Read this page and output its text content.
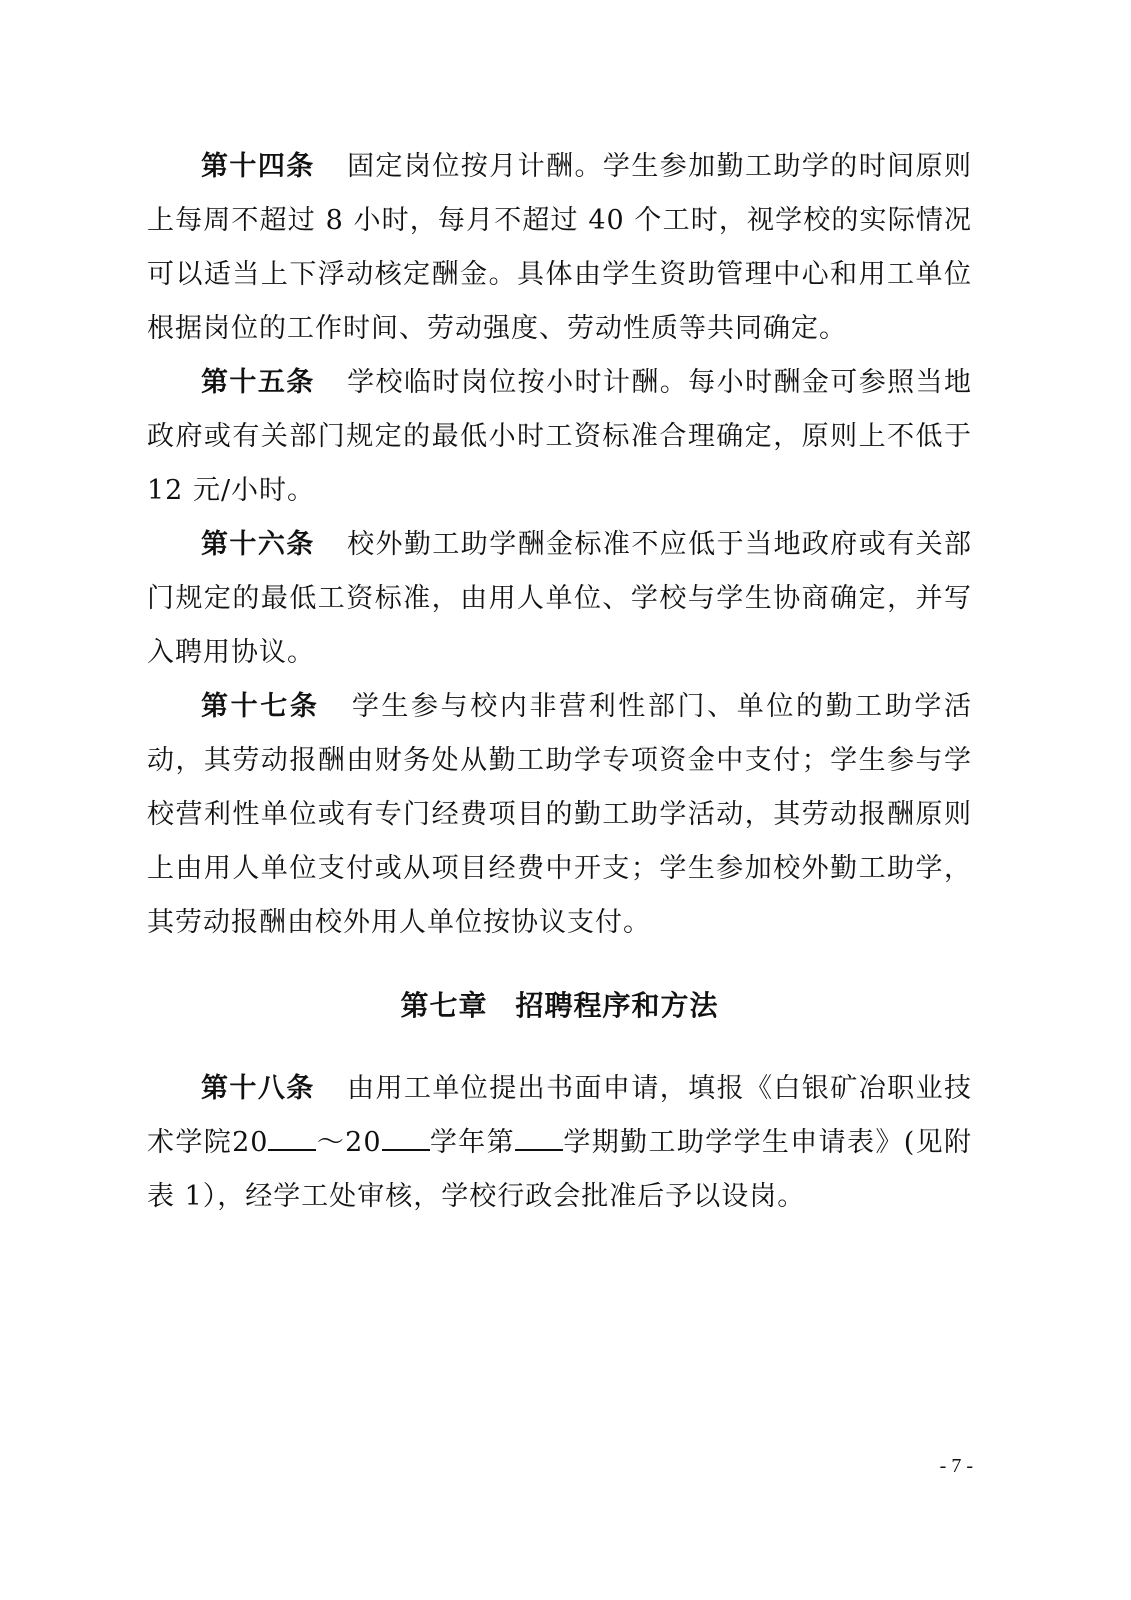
第十四条 固定岗位按月计酬。学生参加勤工助学的时间原则上每周不超过 8 小时，每月不超过 40 个工时，视学校的实际情况可以适当上下浮动核定酬金。具体由学生资助管理中心和用工单位根据岗位的工作时间、劳动强度、劳动性质等共同确定。

第十五条 学校临时岗位按小时计酬。每小时酬金可参照当地政府或有关部门规定的最低小时工资标准合理确定，原则上不低于 12 元/小时。

第十六条 校外勤工助学酬金标准不应低于当地政府或有关部门规定的最低工资标准，由用人单位、学校与学生协商确定，并写入聘用协议。

第十七条 学生参与校内非营利性部门、单位的勤工助学活动，其劳动报酬由财务处从勤工助学专项资金中支付；学生参与学校营利性单位或有专门经费项目的勤工助学活动，其劳动报酬原则上由用人单位支付或从项目经费中开支；学生参加校外勤工助学，其劳动报酬由校外用人单位按协议支付。

第七章 招聘程序和方法

第十八条 由用工单位提出书面申请，填报《白银矿冶职业技术学院20 ～20 学年第 学期勤工助学学生申请表》(见附表 1），经学工处审核，学校行政会批准后予以设岗。

- 7 -
